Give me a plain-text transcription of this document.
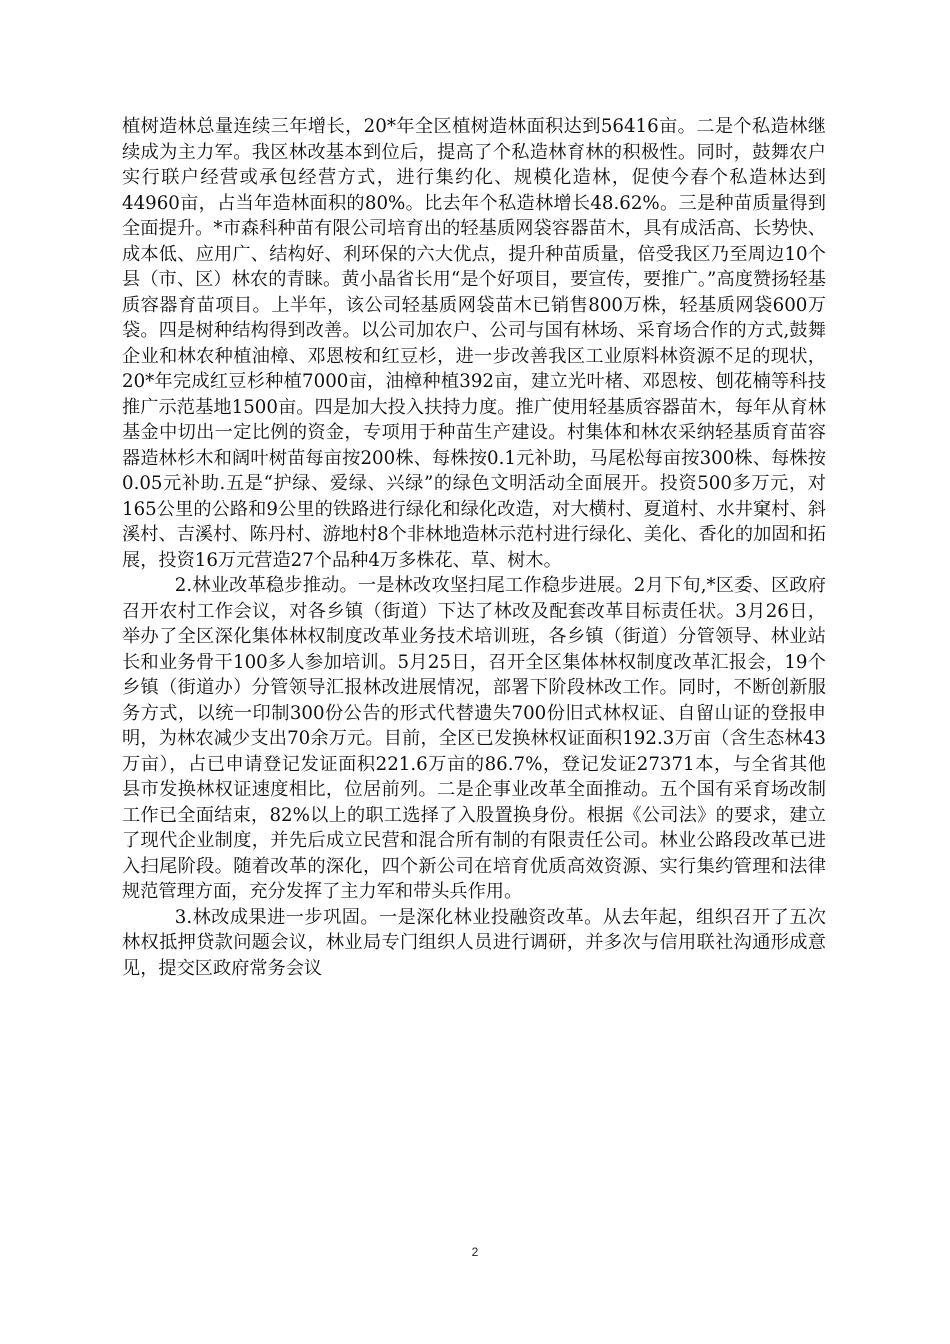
植树造林总量连续三年增长，20*年全区植树造林面积达到56416亩。二是个私造林继续成为主力军。我区林改基本到位后，提高了个私造林育林的积极性。同时，鼓舞农户实行联户经营或承包经营方式，进行集约化、规模化造林，促使今春个私造林达到44960亩，占当年造林面积的80%。比去年个私造林增长48.62%。三是种苗质量得到全面提升。*市森科种苗有限公司培育出的轻基质网袋容器苗木，具有成活高、长势快、成本低、应用广、结构好、利环保的六大优点，提升种苗质量，倍受我区乃至周边10个县（市、区）林农的青睐。黄小晶省长用“是个好项目，要宣传，要推广。”高度赞扬轻基质容器育苗项目。上半年，该公司轻基质网袋苗木已销售800万株，轻基质网袋600万袋。四是树种结构得到改善。以公司加农户、公司与国有林场、采育场合作的方式,鼓舞企业和林农种植油樟、邓恩桉和红豆杉，进一步改善我区工业原料林资源不足的现状，20*年完成红豆杉种植7000亩，油樟种植392亩，建立光叶楮、邓恩桉、刨花楠等科技推广示范基地1500亩。四是加大投入扶持力度。推广使用轻基质容器苗木，每年从育林基金中切出一定比例的资金，专项用于种苗生产建设。村集体和林农采纳轻基质育苗容器造林杉木和阔叶树苗每亩按200株、每株按0.1元补助，马尾松每亩按300株、每株按0.05元补助.五是“护绿、爱绿、兴绿”的绿色文明活动全面展开。投资500多万元，对165公里的公路和9公里的铁路进行绿化和绿化改造，对大横村、夏道村、水井窠村、斜溪村、吉溪村、陈丹村、游地村8个非林地造林示范村进行绿化、美化、香化的加固和拓展，投资16万元营造27个品种4万多株花、草、树木。

2.林业改革稳步推动。一是林改攻坚扫尾工作稳步进展。2月下旬,*区委、区政府召开农村工作会议，对各乡镇（街道）下达了林改及配套改革目标责任状。3月26日，举办了全区深化集体林权制度改革业务技术培训班，各乡镇（街道）分管领导、林业站长和业务骨干100多人参加培训。5月25日，召开全区集体林权制度改革汇报会，19个乡镇（街道办）分管领导汇报林改进展情况，部署下阶段林改工作。同时，不断创新服务方式，以统一印制300份公告的形式代替遗失700份旧式林权证、自留山证的登报申明，为林农减少支出70余万元。目前，全区已发换林权证面积192.3万亩（含生态林43万亩），占已申请登记发证面积221.6万亩的86.7%，登记发证27371本，与全省其他县市发换林权证速度相比，位居前列。二是企事业改革全面推动。五个国有采育场改制工作已全面结束，82%以上的职工选择了入股置换身份。根据《公司法》的要求，建立了现代企业制度，并先后成立民营和混合所有制的有限责任公司。林业公路段改革已进入扫尾阶段。随着改革的深化，四个新公司在培育优质高效资源、实行集约管理和法律规范管理方面，充分发挥了主力军和带头兵作用。

3.林改成果进一步巩固。一是深化林业投融资改革。从去年起，组织召开了五次林权抵押贷款问题会议，林业局专门组织人员进行调研，并多次与信用联社沟通形成意见，提交区政府常务会议

2
